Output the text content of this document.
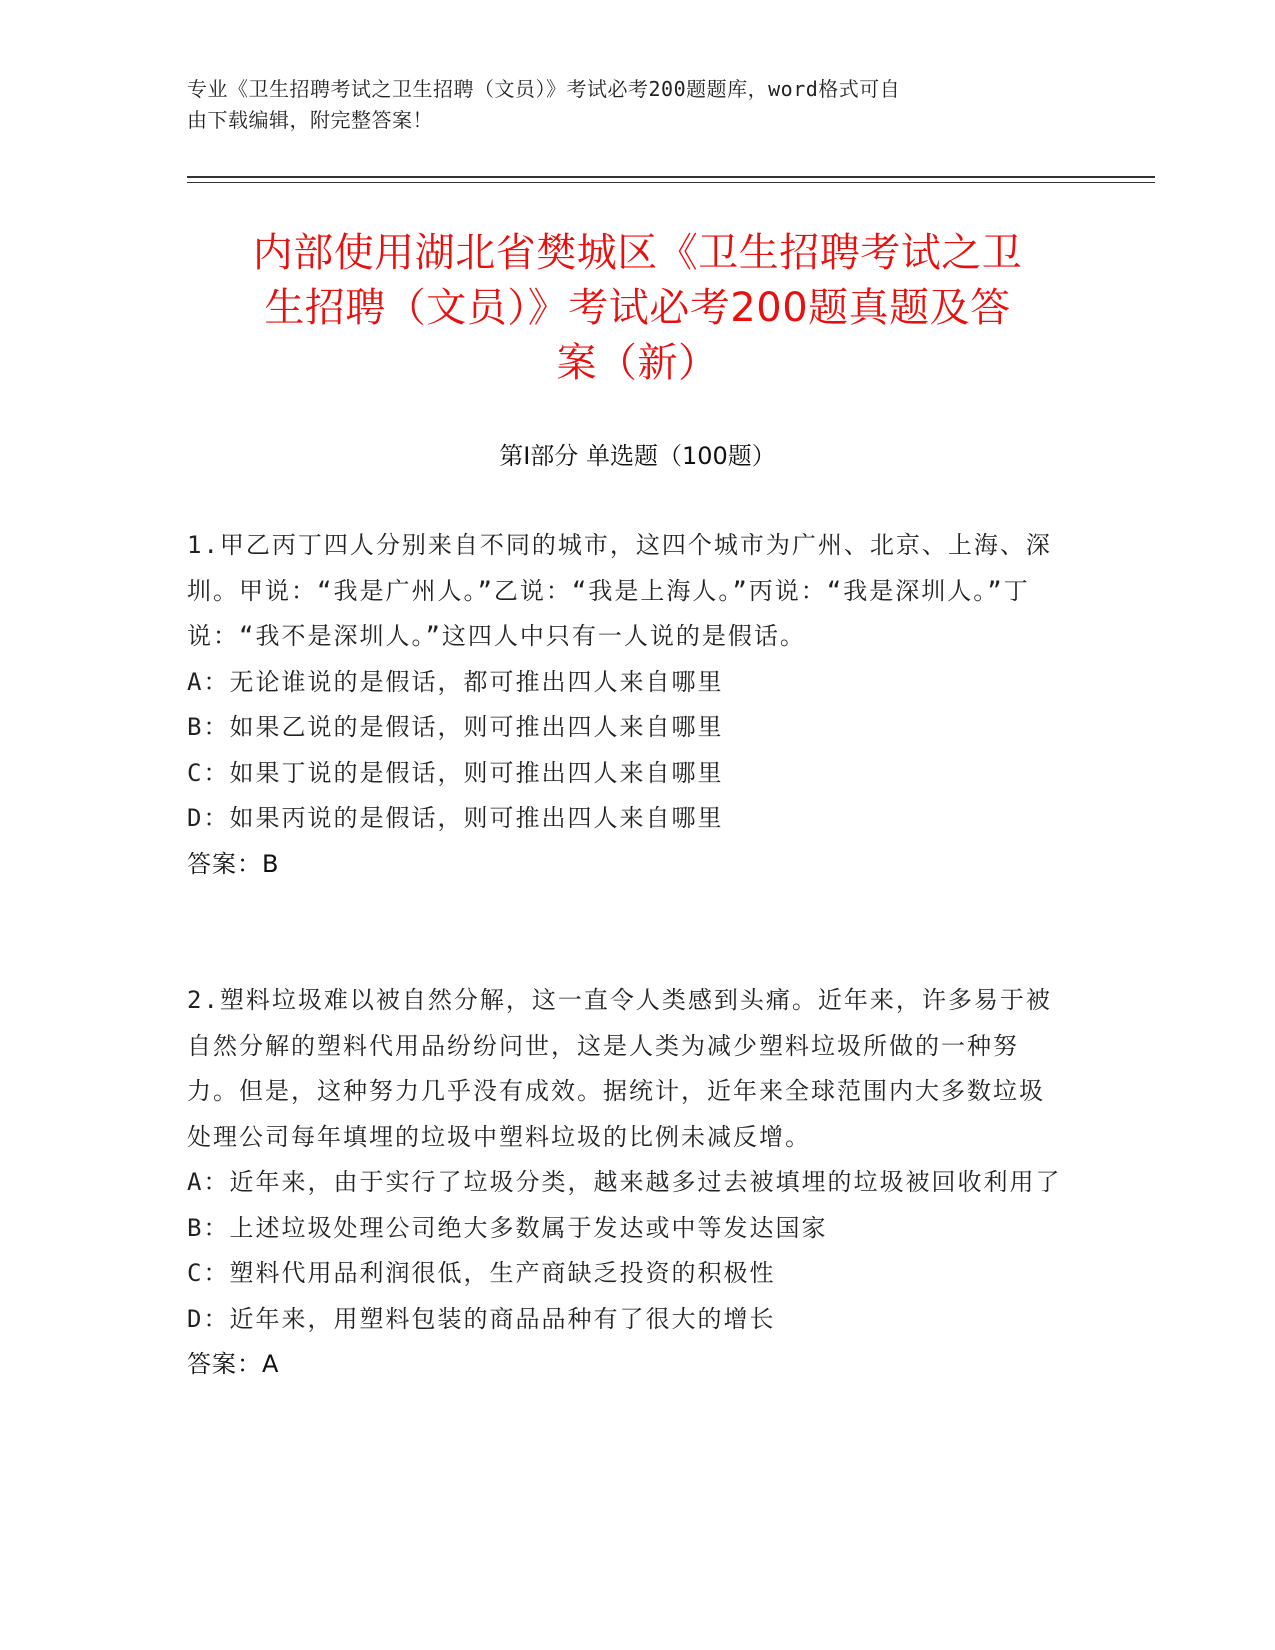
专业《卫生招聘考试之卫生招聘（文员）》考试必考200题题库，word格式可自
由下载编辑，附完整答案！
内部使用湖北省樊城区《卫生招聘考试之卫
生招聘（文员）》考试必考200题真题及答
案（新）
第Ⅰ部分 单选题（100题）

1.甲乙丙丁四人分别来自不同的城市，这四个城市为广州、北京、上海、深圳。甲说：“我是广州人。”乙说：“我是上海人。”丙说：“我是深圳人。”丁说：“我不是深圳人。”这四人中只有一人说的是假话。

A：无论谁说的是假话，都可推出四人来自哪里

B：如果乙说的是假话，则可推出四人来自哪里

C：如果丁说的是假话，则可推出四人来自哪里

D：如果丙说的是假话，则可推出四人来自哪里

答案：B

2.塑料垃圾难以被自然分解，这一直令人类感到头痛。近年来，许多易于被自然分解的塑料代用品纷纷问世，这是人类为减少塑料垃圾所做的一种努力。但是，这种努力几乎没有成效。据统计，近年来全球范围内大多数垃圾处理公司每年填埋的垃圾中塑料垃圾的比例未减反增。

A：近年来，由于实行了垃圾分类，越来越多过去被填埋的垃圾被回收利用了

B：上述垃圾处理公司绝大多数属于发达或中等发达国家

C：塑料代用品利润很低，生产商缺乏投资的积极性

D：近年来，用塑料包装的商品品种有了很大的增长

答案：A
